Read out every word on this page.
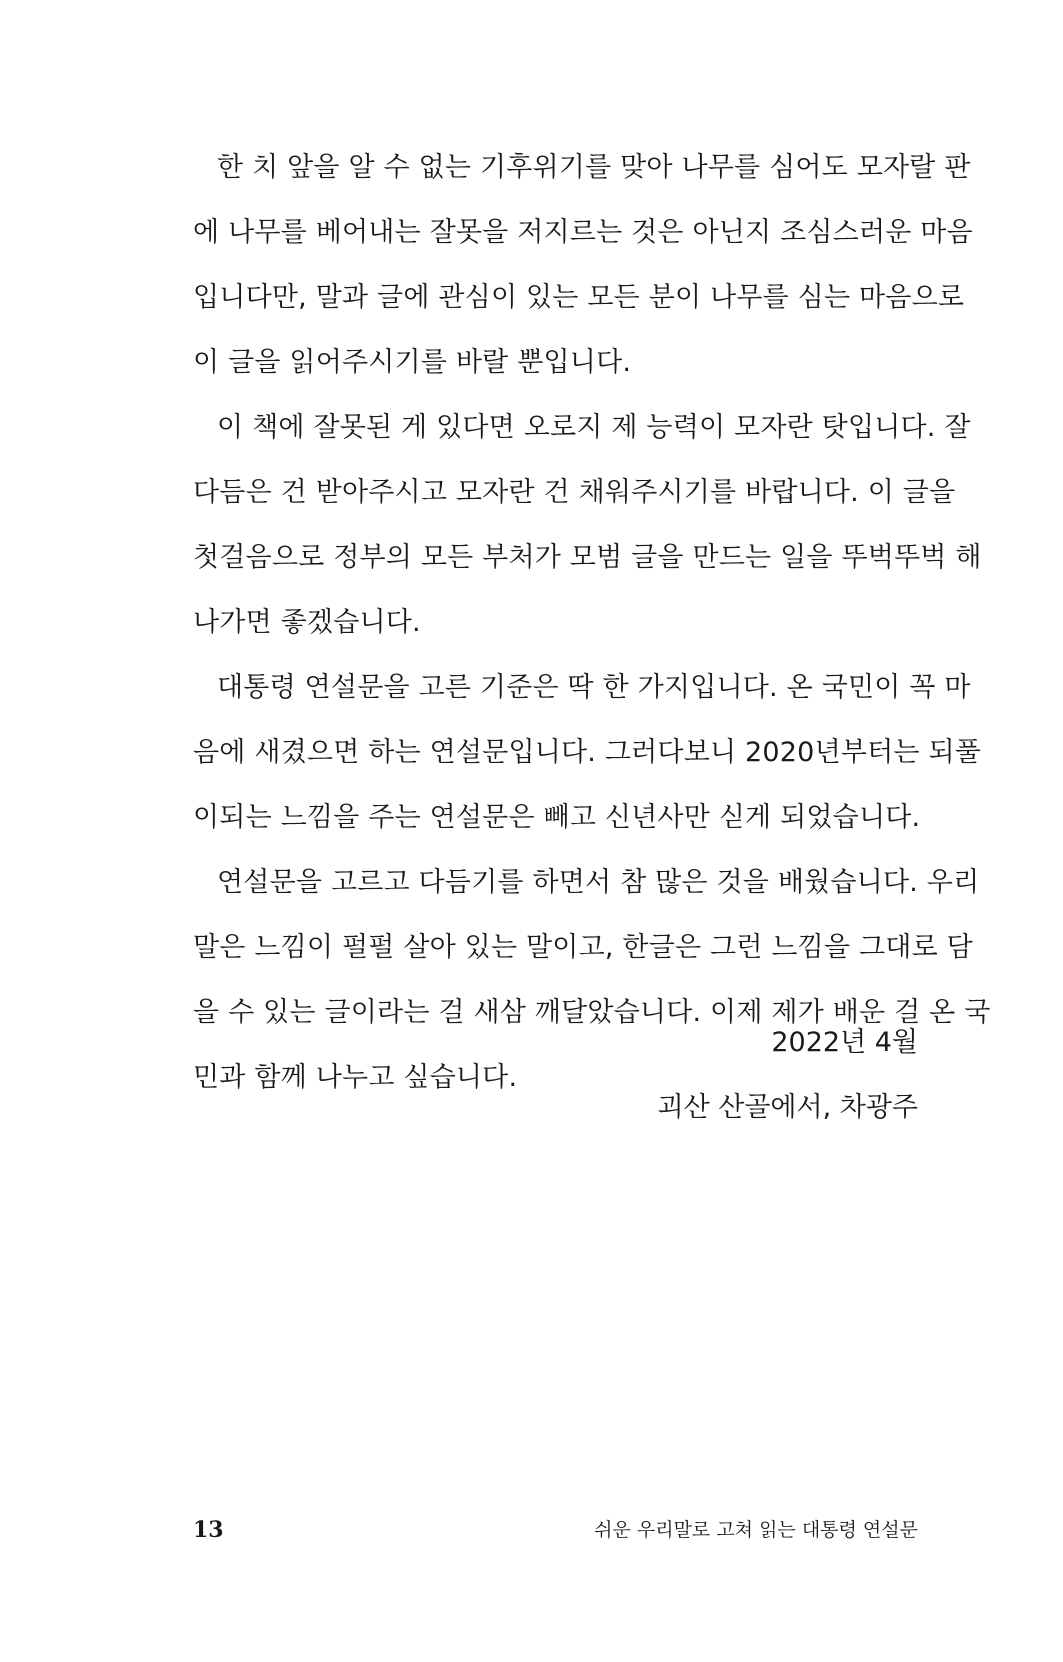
한 치 앞을 알 수 없는 기후위기를 맞아 나무를 심어도 모자랄 판
에 나무를 베어내는 잘못을 저지르는 것은 아닌지 조심스러운 마음
입니다만, 말과 글에 관심이 있는 모든 분이 나무를 심는 마음으로
이 글을 읽어주시기를 바랄 뿐입니다.
이 책에 잘못된 게 있다면 오로지 제 능력이 모자란 탓입니다. 잘
다듬은 건 받아주시고 모자란 건 채워주시기를 바랍니다. 이 글을
첫걸음으로 정부의 모든 부처가 모범 글을 만드는 일을 뚜벅뚜벅 해
나가면 좋겠습니다.
대통령 연설문을 고른 기준은 딱 한 가지입니다. 온 국민이 꼭 마
음에 새겼으면 하는 연설문입니다. 그러다보니 2020년부터는 되풀
이되는 느낌을 주는 연설문은 빼고 신년사만 싣게 되었습니다.
연설문을 고르고 다듬기를 하면서 참 많은 것을 배웠습니다. 우리
말은 느낌이 펄펄 살아 있는 말이고, 한글은 그런 느낌을 그대로 담
을 수 있는 글이라는 걸 새삼 깨달았습니다. 이제 제가 배운 걸 온 국
민과 함께 나누고 싶습니다.
2022년 4월
괴산 산골에서, 차광주
13	쉬운 우리말로 고쳐 읽는 대통령 연설문
